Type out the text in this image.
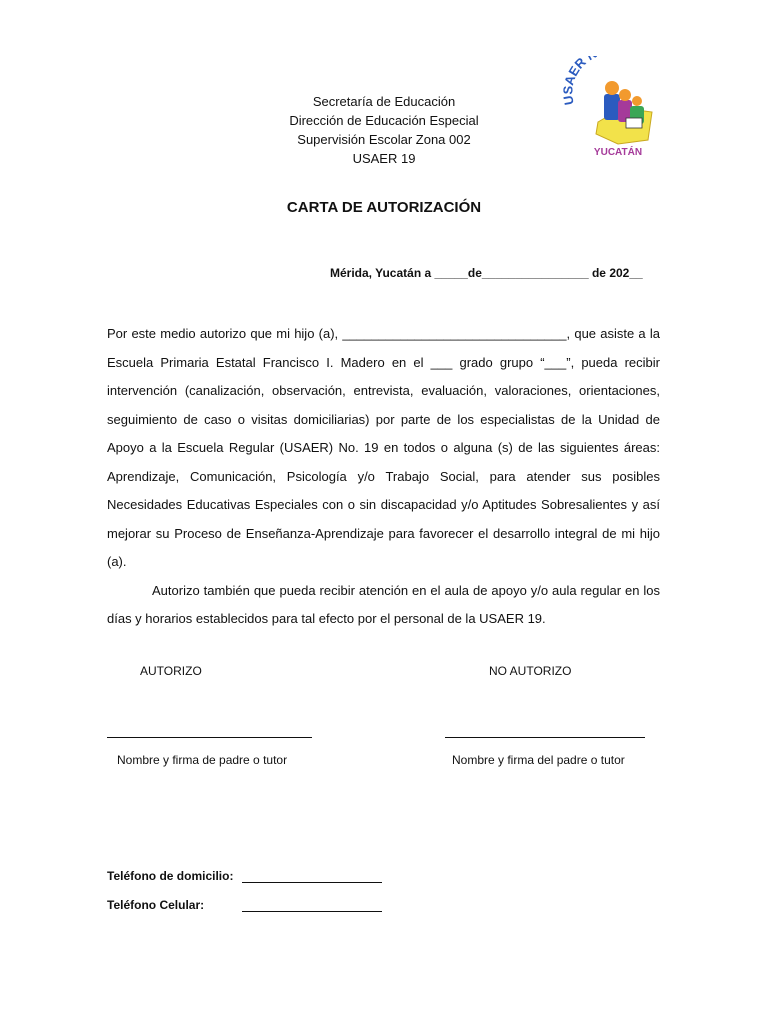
Secretaría de Educación
Dirección de Educación Especial
Supervisión Escolar Zona 002
USAER 19
USAER
YUCATÁN
CARTA DE AUTORIZACIÓN
Mérida, Yucatán a _____de________________ de 202__

Por este medio autorizo que mi hijo (a), _______________________________, que asiste a la Escuela Primaria Estatal Francisco I. Madero en el ___ grado grupo “___”, pueda recibir intervención (canalización, observación, entrevista, evaluación, valoraciones, orientaciones, seguimiento de caso o visitas domiciliarias) por parte de los especialistas de la Unidad de Apoyo a la Escuela Regular (USAER) No. 19 en todos o alguna (s) de las siguientes áreas: Aprendizaje, Comunicación, Psicología y/o Trabajo Social, para atender sus posibles Necesidades Educativas Especiales con o sin discapacidad y/o Aptitudes Sobresalientes y así mejorar su Proceso de Enseñanza-Aprendizaje para favorecer el desarrollo integral de mi hijo (a).

Autorizo también que pueda recibir atención en el aula de apoyo y/o aula regular en los días y horarios establecidos para tal efecto por el personal de la USAER 19.

AUTORIZO	NO AUTORIZO
Nombre y firma de padre o tutor	Nombre y firma del padre o tutor
Teléfono de domicilio:
Teléfono Celular:
